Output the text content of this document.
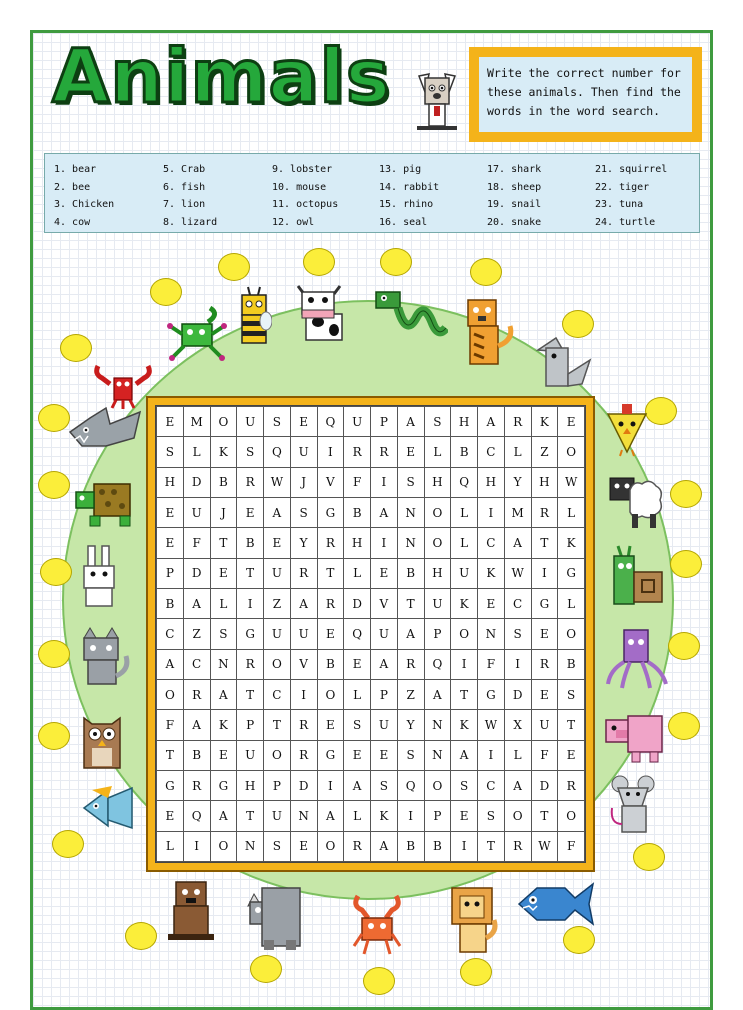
Animals	Write the correct number for
these animals. Then find the
words in the word search.
1. bear
2. bee
3. Chicken
4. cow
5. Crab
6. fish
7. lion
8. lizard
9. lobster
10. mouse
11. octopus
12. owl
13. pig
14. rabbit
15. rhino
16. seal
17. shark
18. sheep
19. snail
20. snake
21. squirrel
22. tiger
23. tuna
24. turtle
E	M	O	U	S	E	Q	U	P	A	S	H	A	R	K	E
S	L	K	S	Q	U	I	R	R	E	L	B	C	L	Z	O
H	D	B	R	W	J	V	F	I	S	H	Q	H	Y	H	W
E	U	J	E	A	S	G	B	A	N	O	L	I	M	R	L
E	F	T	B	E	Y	R	H	I	N	O	L	C	A	T	K
P	D	E	T	U	R	T	L	E	B	H	U	K	W	I	G
B	A	L	I	Z	A	R	D	V	T	U	K	E	C	G	L
C	Z	S	G	U	U	E	Q	U	A	P	O	N	S	E	O
A	C	N	R	O	V	B	E	A	R	Q	I	F	I	R	B
O	R	A	T	C	I	O	L	P	Z	A	T	G	D	E	S
F	A	K	P	T	R	E	S	U	Y	N	K	W	X	U	T
T	B	E	U	O	R	G	E	E	S	N	A	I	L	F	E
G	R	G	H	P	D	I	A	S	Q	O	S	C	A	D	R
E	Q	A	T	U	N	A	L	K	I	P	E	S	O	T	O
L	I	O	N	S	E	O	R	A	B	B	I	T	R	W	F
